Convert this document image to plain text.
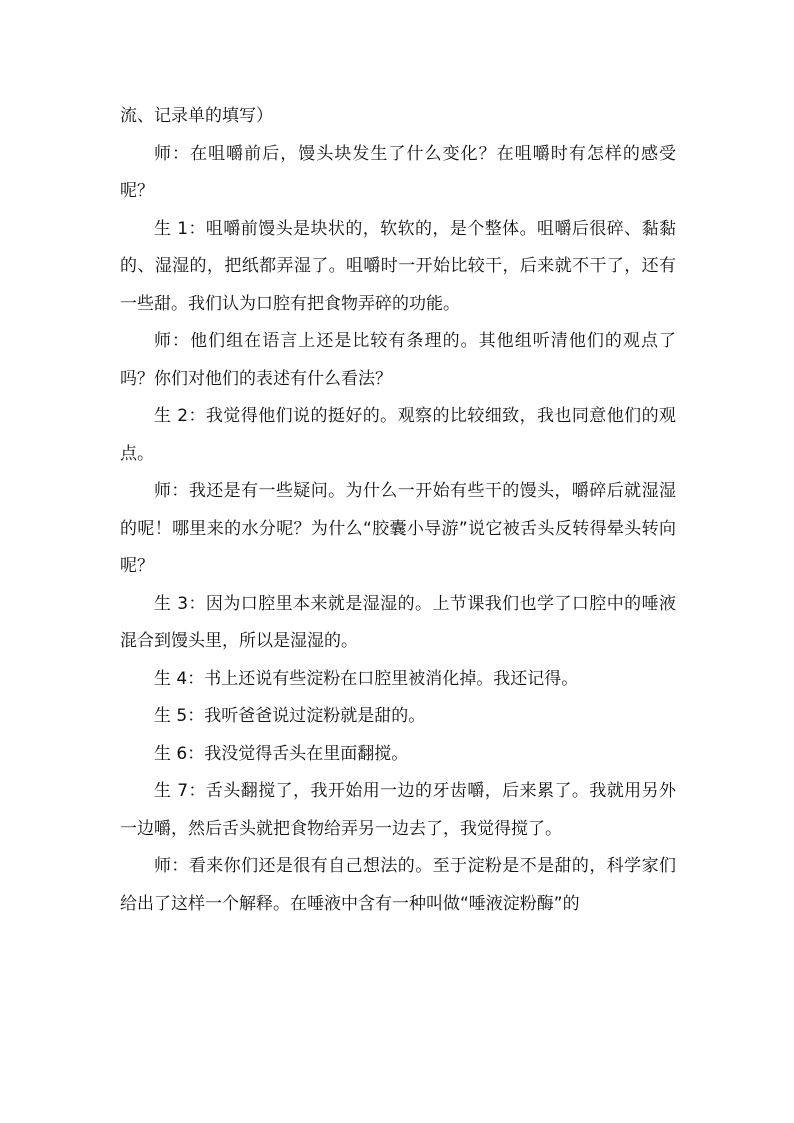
流、记录单的填写）

师：在咀嚼前后，馒头块发生了什么变化？在咀嚼时有怎样的感受呢？

生 1：咀嚼前馒头是块状的，软软的，是个整体。咀嚼后很碎、黏黏的、湿湿的，把纸都弄湿了。咀嚼时一开始比较干，后来就不干了，还有一些甜。我们认为口腔有把食物弄碎的功能。

师：他们组在语言上还是比较有条理的。其他组听清他们的观点了吗？你们对他们的表述有什么看法？

生 2：我觉得他们说的挺好的。观察的比较细致，我也同意他们的观点。

师：我还是有一些疑问。为什么一开始有些干的馒头，嚼碎后就湿湿的呢！哪里来的水分呢？为什么“胶囊小导游”说它被舌头反转得晕头转向呢？

生 3：因为口腔里本来就是湿湿的。上节课我们也学了口腔中的唾液混合到馒头里，所以是湿湿的。

生 4：书上还说有些淀粉在口腔里被消化掉。我还记得。

生 5：我听爸爸说过淀粉就是甜的。

生 6：我没觉得舌头在里面翻搅。

生 7：舌头翻搅了，我开始用一边的牙齿嚼，后来累了。我就用另外一边嚼，然后舌头就把食物给弄另一边去了，我觉得搅了。

师：看来你们还是很有自己想法的。至于淀粉是不是甜的，科学家们给出了这样一个解释。在唾液中含有一种叫做“唾液淀粉酶”的
